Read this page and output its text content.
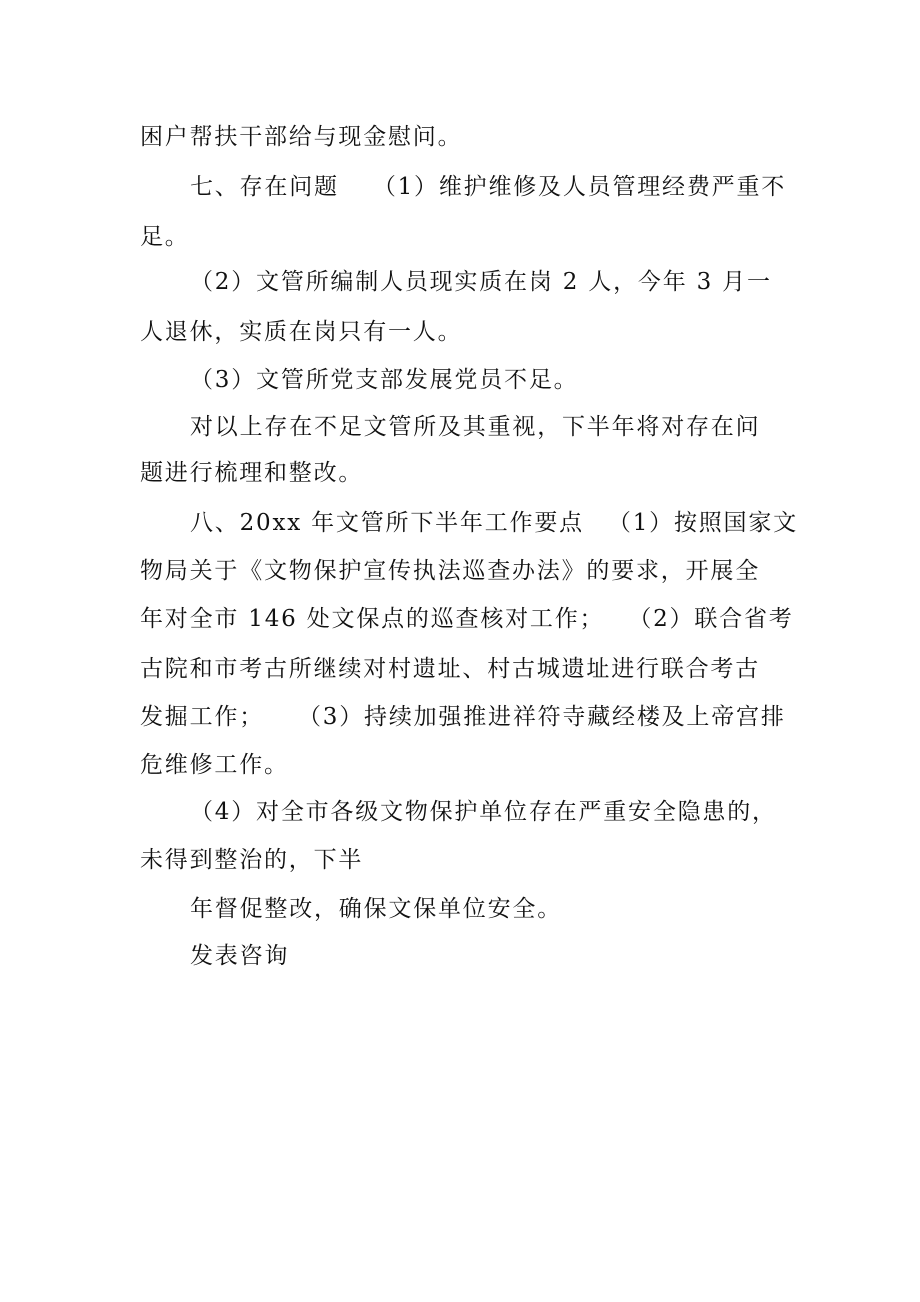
困户帮扶干部给与现金慰问。
七、存在问题 （1）维护维修及人员管理经费严重不
足。
（2）文管所编制人员现实质在岗 2 人，今年 3 月一
人退休，实质在岗只有一人。
（3）文管所党支部发展党员不足。
对以上存在不足文管所及其重视，下半年将对存在问
题进行梳理和整改。
八、20xx 年文管所下半年工作要点 （1）按照国家文
物局关于《文物保护宣传执法巡查办法》的要求，开展全
年对全市 146 处文保点的巡查核对工作； （2）联合省考
古院和市考古所继续对村遗址、村古城遗址进行联合考古
发掘工作； （3）持续加强推进祥符寺藏经楼及上帝宫排
危维修工作。
（4）对全市各级文物保护单位存在严重安全隐患的，
未得到整治的，下半
年督促整改，确保文保单位安全。
发表咨询
